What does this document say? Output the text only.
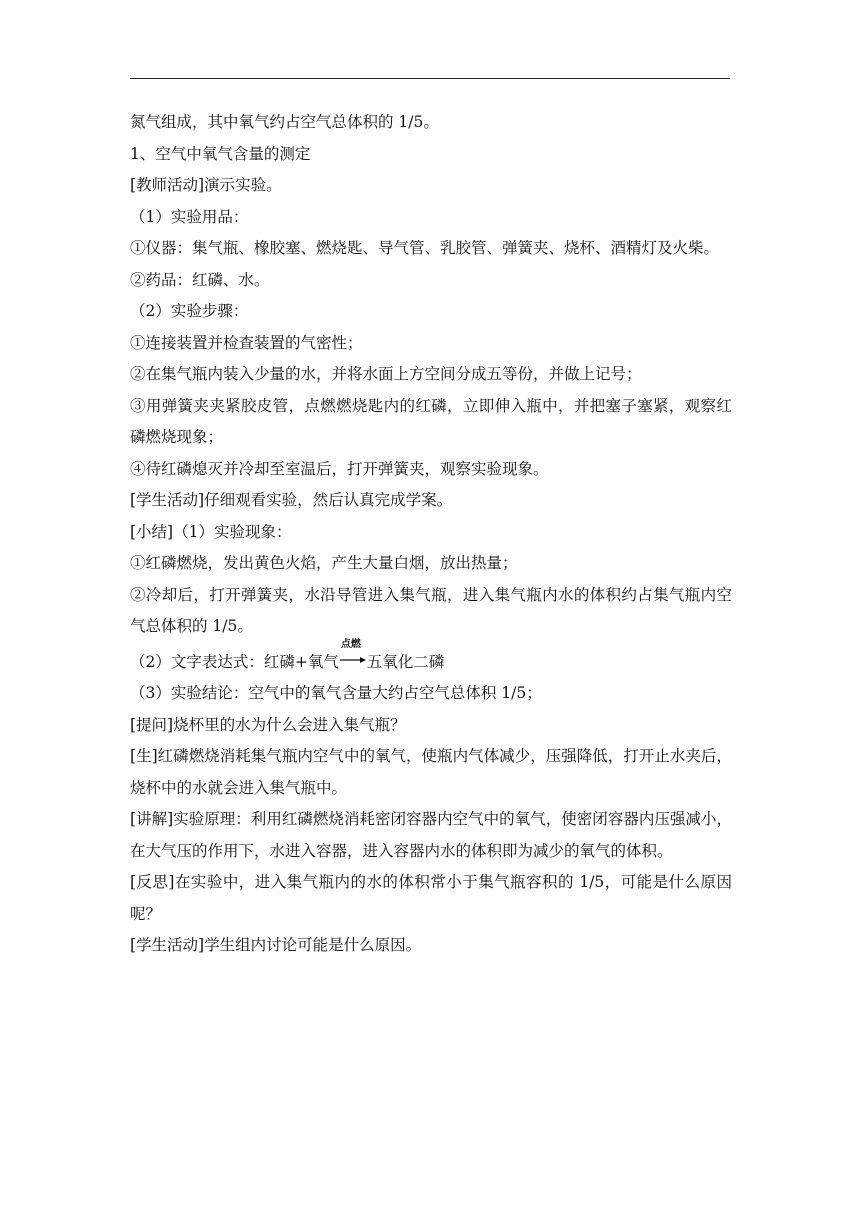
氮气组成，其中氧气约占空气总体积的 1/5。
1、空气中氧气含量的测定
[教师活动]演示实验。
（1）实验用品：
①仪器：集气瓶、橡胶塞、燃烧匙、导气管、乳胶管、弹簧夹、烧杯、酒精灯及火柴。
②药品：红磷、水。
（2）实验步骤：
①连接装置并检查装置的气密性；
②在集气瓶内装入少量的水，并将水面上方空间分成五等份，并做上记号；
③用弹簧夹夹紧胶皮管，点燃燃烧匙内的红磷，立即伸入瓶中，并把塞子塞紧，观察红磷燃烧现象；
④待红磷熄灭并冷却至室温后，打开弹簧夹，观察实验现象。
[学生活动]仔细观看实验，然后认真完成学案。
[小结]（1）实验现象：
①红磷燃烧，发出黄色火焰，产生大量白烟，放出热量；
②冷却后，打开弹簧夹，水沿导管进入集气瓶，进入集气瓶内水的体积约占集气瓶内空气总体积的 1/5。
（2）文字表达式：红磷+氧气
点燃
五氧化二磷
（3）实验结论：空气中的氧气含量大约占空气总体积 1/5；
[提问]烧杯里的水为什么会进入集气瓶？
[生]红磷燃烧消耗集气瓶内空气中的氧气，使瓶内气体减少，压强降低，打开止水夹后，烧杯中的水就会进入集气瓶中。
[讲解]实验原理：利用红磷燃烧消耗密闭容器内空气中的氧气，使密闭容器内压强减小，在大气压的作用下，水进入容器，进入容器内水的体积即为减少的氧气的体积。
[反思]在实验中，进入集气瓶内的水的体积常小于集气瓶容积的 1/5，可能是什么原因呢？
[学生活动]学生组内讨论可能是什么原因。
